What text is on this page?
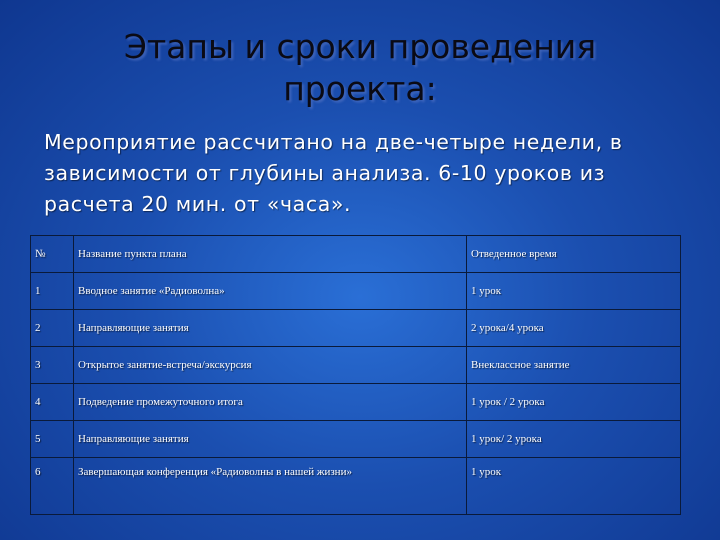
Этапы и сроки проведения проекта:
Мероприятие рассчитано на две-четыре недели, в зависимости от глубины анализа. 6-10 уроков из расчета 20 мин. от «часа».
№	Название пункта плана	Отведенное время
1	Вводное занятие «Радиоволна»	1 урок
2	Направляющие занятия	2 урока/4 урока
3	Открытое занятие-встреча/экскурсия	Внеклассное занятие
4	Подведение промежуточного итога	1 урок / 2 урока
5	Направляющие занятия	1 урок/ 2 урока
6	Завершающая конференция «Радиоволны в нашей жизни»	1 урок
